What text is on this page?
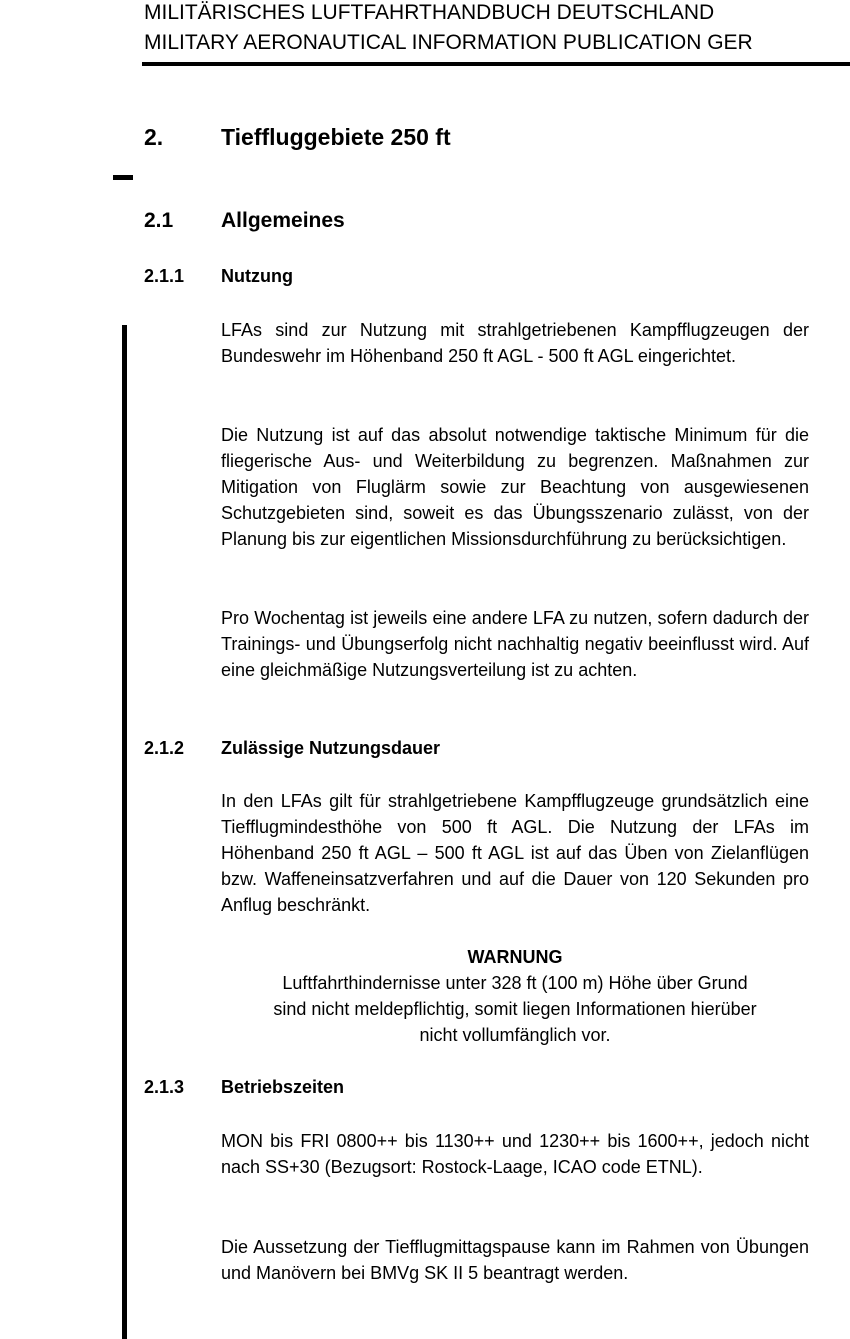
MILITÄRISCHES LUFTFAHRTHANDBUCH DEUTSCHLAND
MILITARY AERONAUTICAL INFORMATION PUBLICATION GER
2.	Tieffluggebiete 250 ft
2.1 Allgemeines
2.1.1 Nutzung

LFAs sind zur Nutzung mit strahlgetriebenen Kampfflugzeugen der Bundeswehr im Höhenband 250 ft AGL - 500 ft AGL eingerichtet.

Die Nutzung ist auf das absolut notwendige taktische Minimum für die fliegerische Aus- und Weiterbildung zu begrenzen. Maßnahmen zur Mitigation von Fluglärm sowie zur Beachtung von ausgewiesenen Schutzgebieten sind, soweit es das Übungsszenario zulässt, von der Planung bis zur eigentlichen Missionsdurchführung zu berücksichtigen.

Pro Wochentag ist jeweils eine andere LFA zu nutzen, sofern dadurch der Trainings- und Übungserfolg nicht nachhaltig negativ beeinflusst wird. Auf eine gleichmäßige Nutzungsverteilung ist zu achten.

2.1.2 Zulässige Nutzungsdauer

In den LFAs gilt für strahlgetriebene Kampfflugzeuge grundsätzlich eine Tiefflugmindesthöhe von 500 ft AGL. Die Nutzung der LFAs im Höhenband 250 ft AGL – 500 ft AGL ist auf das Üben von Zielanflügen bzw. Waffeneinsatzverfahren und auf die Dauer von 120 Sekunden pro Anflug beschränkt.

WARNUNG
Luftfahrthindernisse unter 328 ft (100 m) Höhe über Grund
sind nicht meldepflichtig, somit liegen Informationen hierüber
nicht vollumfänglich vor.
2.1.3 Betriebszeiten

MON bis FRI 0800++ bis 1130++ und 1230++ bis 1600++, jedoch nicht nach SS+30 (Bezugsort: Rostock-Laage, ICAO code ETNL).

Die Aussetzung der Tiefflugmittagspause kann im Rahmen von Übungen und Manövern bei BMVg SK II 5 beantragt werden.
